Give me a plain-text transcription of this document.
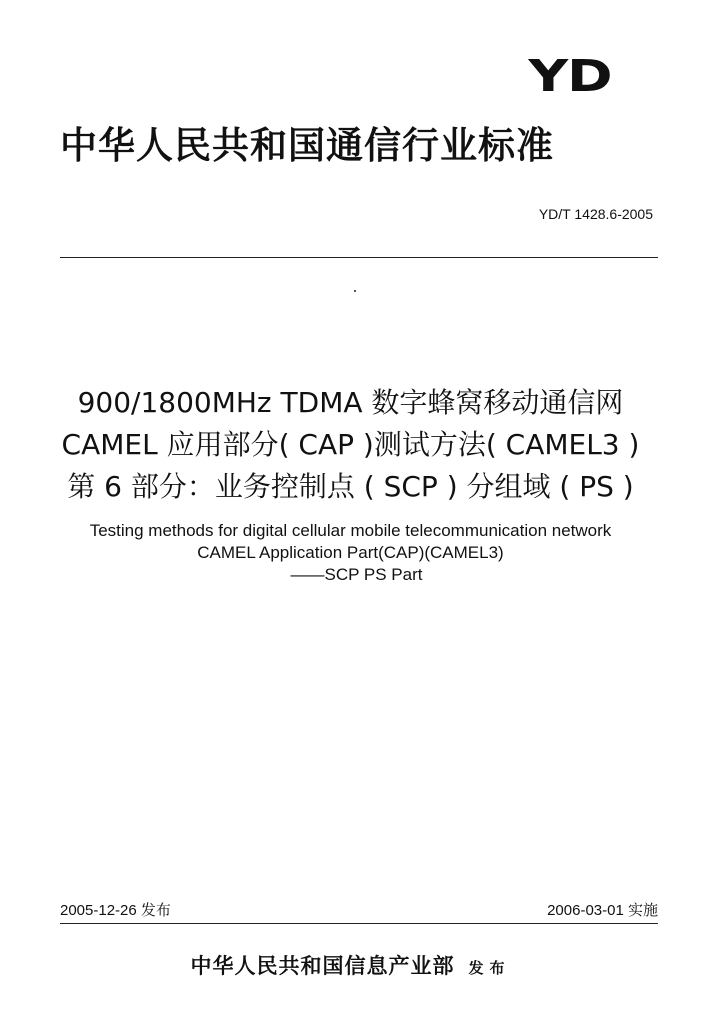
YD
中华人民共和国通信行业标准
YD/T 1428.6-2005
900/1800MHz TDMA 数字蜂窝移动通信网
CAMEL 应用部分( CAP )测试方法( CAMEL3 )
第 6 部分：业务控制点 ( SCP ) 分组域 ( PS )
Testing methods for digital cellular mobile telecommunication network
CAMEL Application Part(CAP)(CAMEL3)
——SCP PS Part
2005-12-26 发布	2006-03-01 实施
中华人民共和国信息产业部 发布
